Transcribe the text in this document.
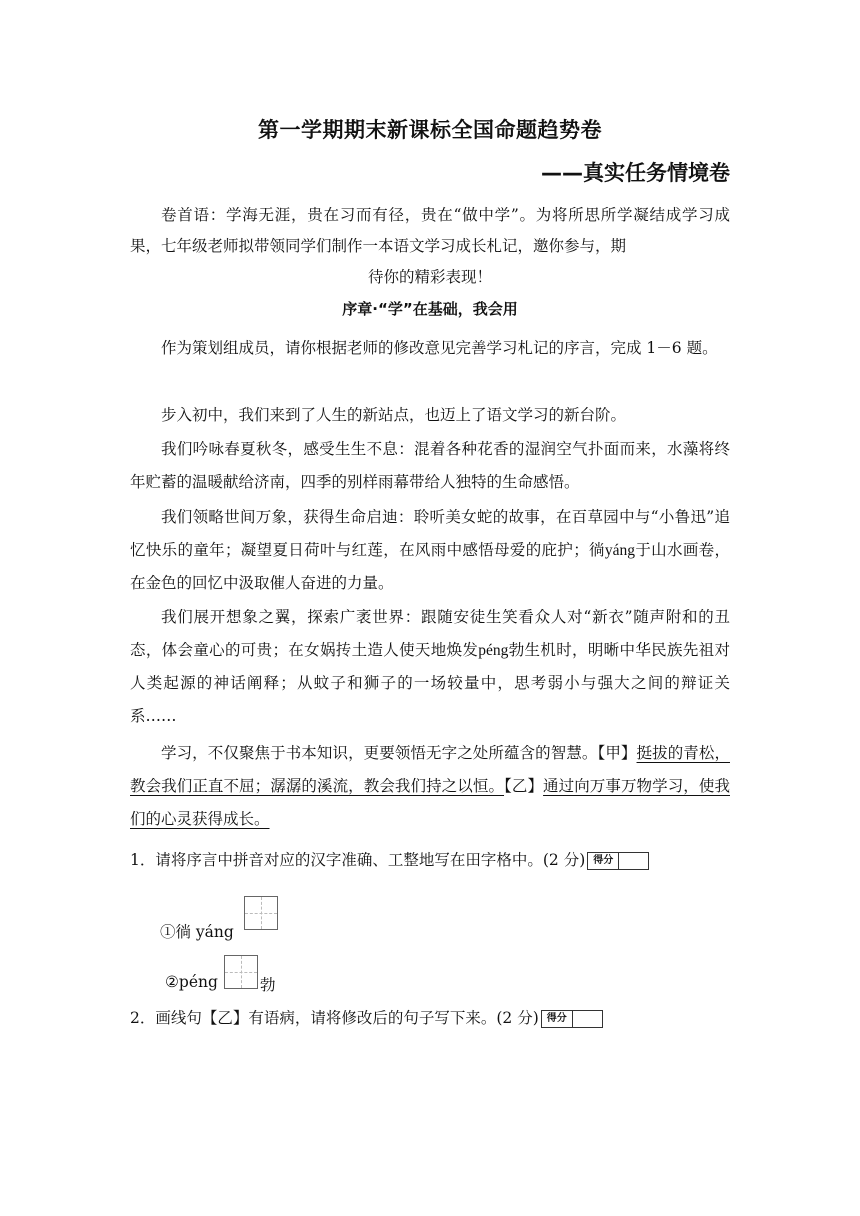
第一学期期末新课标全国命题趋势卷
——真实任务情境卷
卷首语：学海无涯，贵在习而有径，贵在“做中学”。为将所思所学凝结成学习成果，七年级老师拟带领同学们制作一本语文学习成长札记，邀你参与，期
待你的精彩表现！
序章·“学”在基础，我会用
作为策划组成员，请你根据老师的修改意见完善学习札记的序言，完成 1－6 题。
步入初中，我们来到了人生的新站点，也迈上了语文学习的新台阶。
我们吟咏春夏秋冬，感受生生不息：混着各种花香的湿润空气扑面而来，水藻将终年贮蓄的温暖献给济南，四季的别样雨幕带给人独特的生命感悟。
我们领略世间万象，获得生命启迪：聆听美女蛇的故事，在百草园中与“小鲁迅”追忆快乐的童年；凝望夏日荷叶与红莲，在风雨中感悟母爱的庇护；徜yáng于山水画卷，在金色的回忆中汲取催人奋进的力量。
我们展开想象之翼，探索广袤世界：跟随安徒生笑看众人对“新衣”随声附和的丑态，体会童心的可贵；在女娲抟土造人使天地焕发péng勃生机时，明晰中华民族先祖对人类起源的神话阐释；从蚊子和狮子的一场较量中，思考弱小与强大之间的辩证关系……
学习，不仅聚焦于书本知识，更要领悟无字之处所蕴含的智慧。【甲】挺拔的青松，教会我们正直不屈；潺潺的溪流，教会我们持之以恒。【乙】通过向万事万物学习，使我们的心灵获得成长。
1．请将序言中拼音对应的汉字准确、工整地写在田字格中。(2 分) 得分
①徜 yáng
②péng	勃
2．画线句【乙】有语病，请将修改后的句子写下来。(2 分) 得分
